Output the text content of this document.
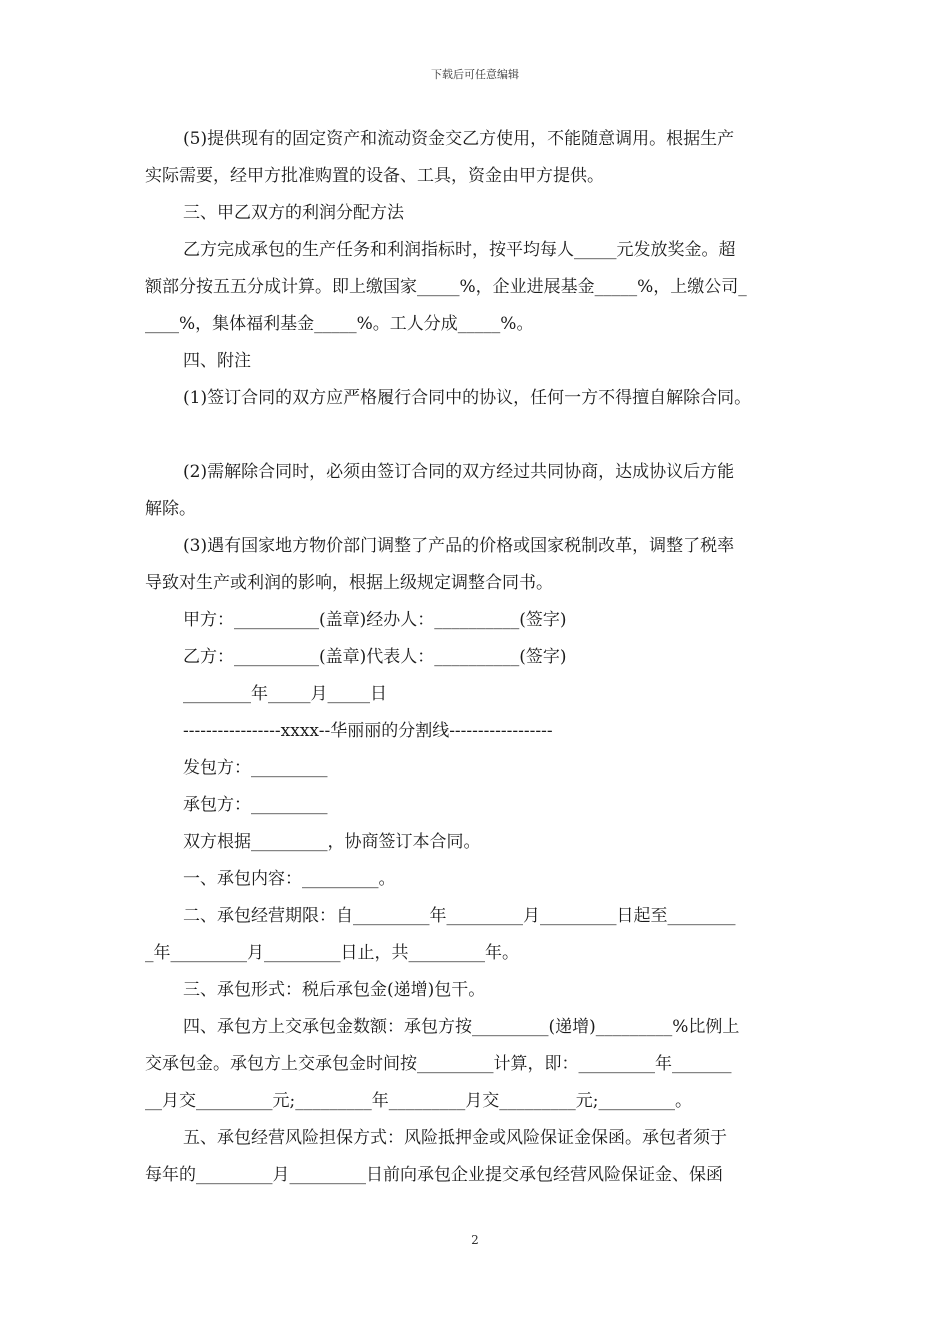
下载后可任意编辑
(5)提供现有的固定资产和流动资金交乙方使用，不能随意调用。根据生产
实际需要，经甲方批准购置的设备、工具，资金由甲方提供。
三、甲乙双方的利润分配方法
乙方完成承包的生产任务和利润指标时，按平均每人_____元发放奖金。超
额部分按五五分成计算。即上缴国家_____%，企业进展基金_____%，上缴公司_
____%，集体福利基金_____%。工人分成_____%。
四、附注
(1)签订合同的双方应严格履行合同中的协议，任何一方不得擅自解除合同。
(2)需解除合同时，必须由签订合同的双方经过共同协商，达成协议后方能
解除。
(3)遇有国家地方物价部门调整了产品的价格或国家税制改革，调整了税率
导致对生产或利润的影响，根据上级规定调整合同书。
甲方：__________(盖章)经办人：__________(签字)
乙方：__________(盖章)代表人：__________(签字)
________年_____月_____日
-----------------xxxx--华丽丽的分割线------------------
发包方：_________
承包方：_________
双方根据_________，协商签订本合同。
一、承包内容：_________。
二、承包经营期限：自_________年_________月_________日起至________
_年_________月_________日止，共_________年。
三、承包形式：税后承包金(递增)包干。
四、承包方上交承包金数额：承包方按_________(递增)_________%比例上
交承包金。承包方上交承包金时间按_________计算，即：_________年_______
__月交_________元;_________年_________月交_________元;_________。
五、承包经营风险担保方式：风险抵押金或风险保证金保函。承包者须于
每年的_________月_________日前向承包企业提交承包经营风险保证金、保函
2
